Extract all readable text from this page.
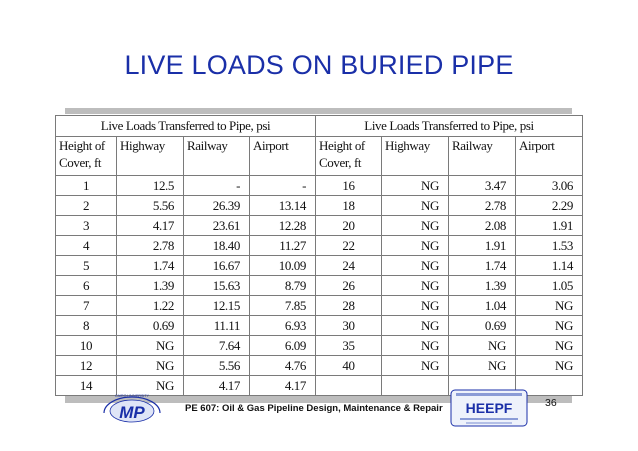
LIVE LOADS ON BURIED PIPE
Live Loads Transferred to Pipe, psi				Live Loads Transferred to Pipe, psi			
Height of Cover, ft	Highway	Railway	Airport	Height of Cover, ft	Highway	Railway	Airport
1	12.5	-	-	16	NG	3.47	3.06
2	5.56	26.39	13.14	18	NG	2.78	2.29
3	4.17	23.61	12.28	20	NG	2.08	1.91
4	2.78	18.40	11.27	22	NG	1.91	1.53
5	1.74	16.67	10.09	24	NG	1.74	1.14
6	1.39	15.63	8.79	26	NG	1.39	1.05
7	1.22	12.15	7.85	28	NG	1.04	NG
8	0.69	11.11	6.93	30	NG	0.69	NG
10	NG	7.64	6.09	35	NG	NG	NG
12	NG	5.56	4.76	40	NG	NG	NG
14	NG	4.17	4.17				
CAIRO UNIVERSITY
MP	PE 607: Oil & Gas Pipeline Design, Maintenance & Repair HEEPF	36
